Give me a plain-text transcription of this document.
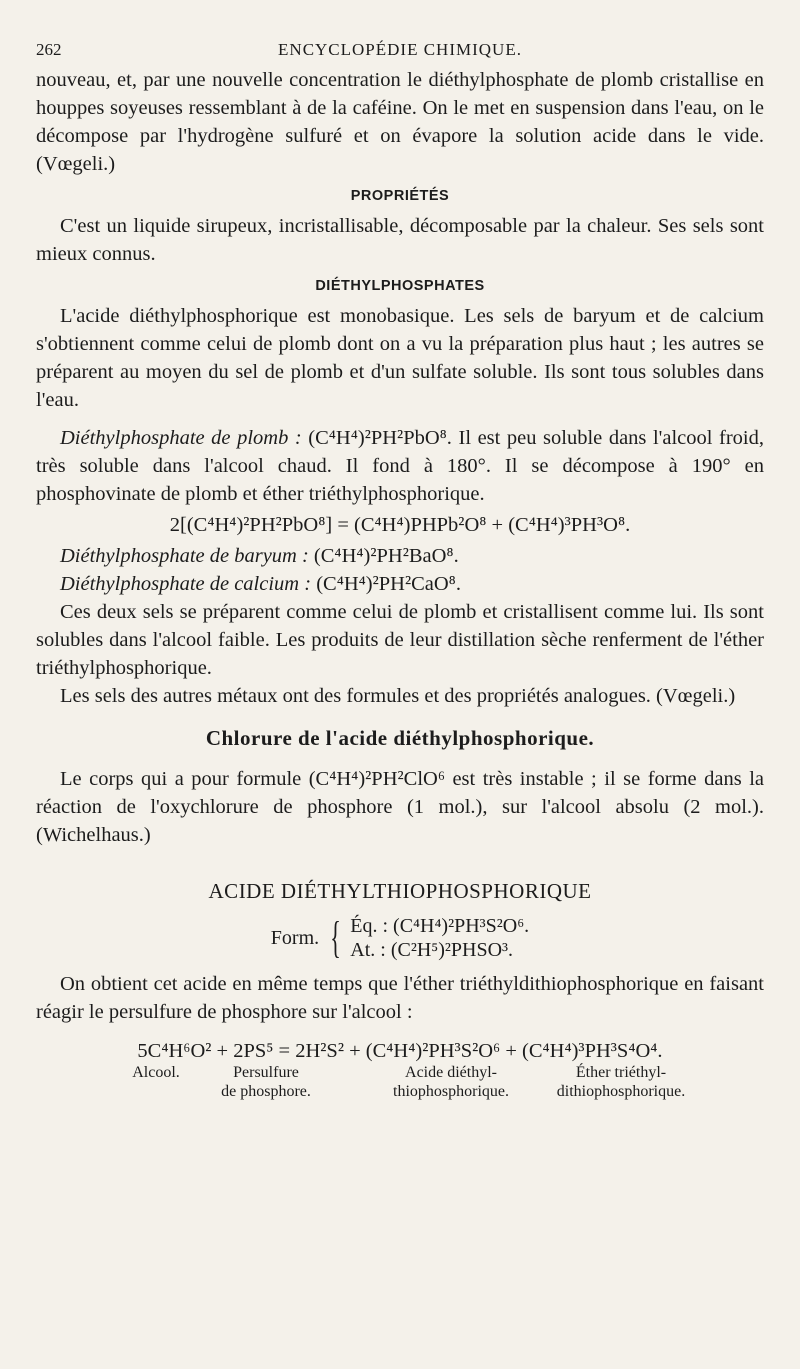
262	ENCYCLOPÉDIE CHIMIQUE.

nouveau, et, par une nouvelle concentration le diéthylphosphate de plomb cristallise en houppes soyeuses ressemblant à de la caféine. On le met en suspension dans l'eau, on le décompose par l'hydrogène sulfuré et on évapore la solution acide dans le vide. (Vœgeli.)

PROPRIÉTÉS

C'est un liquide sirupeux, incristallisable, décomposable par la chaleur. Ses sels sont mieux connus.

DIÉTHYLPHOSPHATES

L'acide diéthylphosphorique est monobasique. Les sels de baryum et de calcium s'obtiennent comme celui de plomb dont on a vu la préparation plus haut ; les autres se préparent au moyen du sel de plomb et d'un sulfate soluble. Ils sont tous solubles dans l'eau.

Diéthylphosphate de plomb : (C⁴H⁴)²PH²PbO⁸. Il est peu soluble dans l'alcool froid, très soluble dans l'alcool chaud. Il fond à 180°. Il se décompose à 190° en phosphovinate de plomb et éther triéthylphosphorique.

2[(C⁴H⁴)²PH²PbO⁸] = (C⁴H⁴)PHPb²O⁸ + (C⁴H⁴)³PH³O⁸.

Diéthylphosphate de baryum : (C⁴H⁴)²PH²BaO⁸.

Diéthylphosphate de calcium : (C⁴H⁴)²PH²CaO⁸.

Ces deux sels se préparent comme celui de plomb et cristallisent comme lui. Ils sont solubles dans l'alcool faible. Les produits de leur distillation sèche renferment de l'éther triéthylphosphorique.

Les sels des autres métaux ont des formules et des propriétés analogues. (Vœgeli.)

Chlorure de l'acide diéthylphosphorique.

Le corps qui a pour formule (C⁴H⁴)²PH²ClO⁶ est très instable ; il se forme dans la réaction de l'oxychlorure de phosphore (1 mol.), sur l'alcool absolu (2 mol.). (Wichelhaus.)

ACIDE DIÉTHYLTHIOPHOSPHORIQUE
Form. { Éq. : (C⁴H⁴)²PH³S²O⁶.
At. : (C²H⁵)²PHSO³.

On obtient cet acide en même temps que l'éther triéthyldithiophosphorique en faisant réagir le persulfure de phosphore sur l'alcool :

5C⁴H⁶O² + 2PS⁵ = 2H²S² + (C⁴H⁴)²PH³S²O⁶ + (C⁴H⁴)³PH³S⁴O⁴.
Alcool.	Persulfure
de phosphore.
Acide diéthyl-
thiophosphorique.
Éther triéthyl-
dithiophosphorique.
